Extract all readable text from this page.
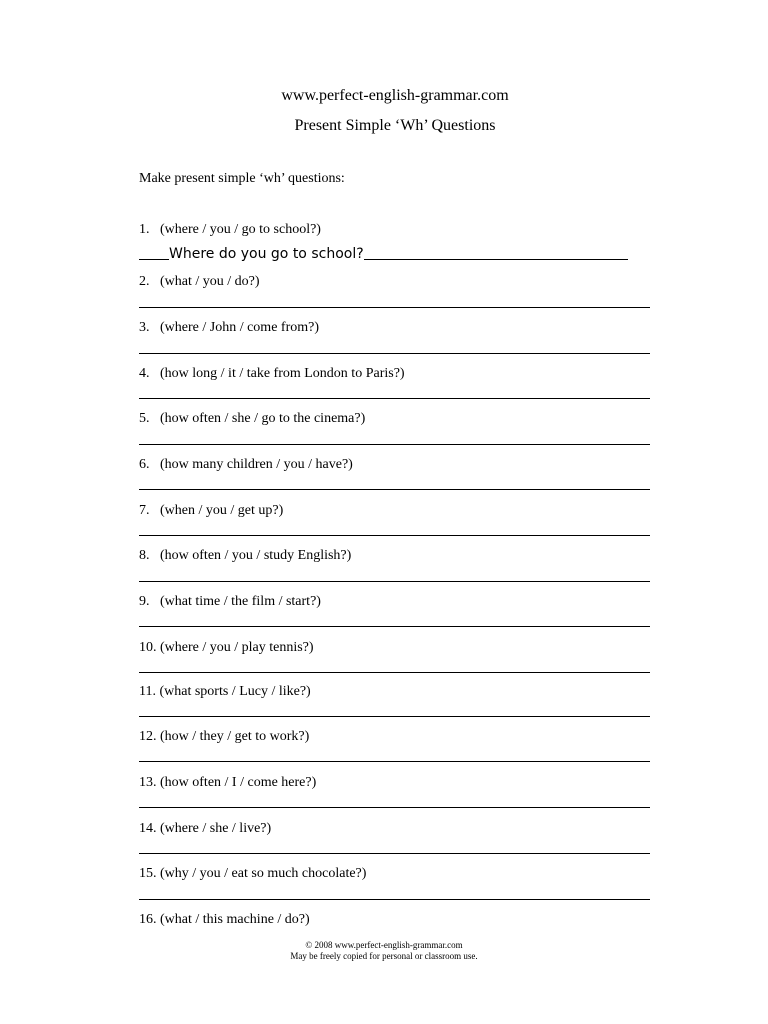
www.perfect-english-grammar.com
Present Simple ‘Wh’ Questions
Make present simple ‘wh’ questions:
Where do you go to school?
1.   (where / you / go to school?)
2.   (what / you / do?)
3.   (where / John / come from?)
4.   (how long / it / take from London to Paris?)
5.   (how often / she / go to the cinema?)
6.   (how many children / you / have?)
7.   (when / you / get up?)
8.   (how often / you / study English?)
9.   (what time / the film / start?)
10. (where / you / play tennis?)
11. (what sports / Lucy / like?)
12. (how / they / get to work?)
13. (how often / I / come here?)
14. (where / she / live?)
15. (why / you / eat so much chocolate?)
16. (what / this machine / do?)
© 2008 www.perfect-english-grammar.com
May be freely copied for personal or classroom use.
